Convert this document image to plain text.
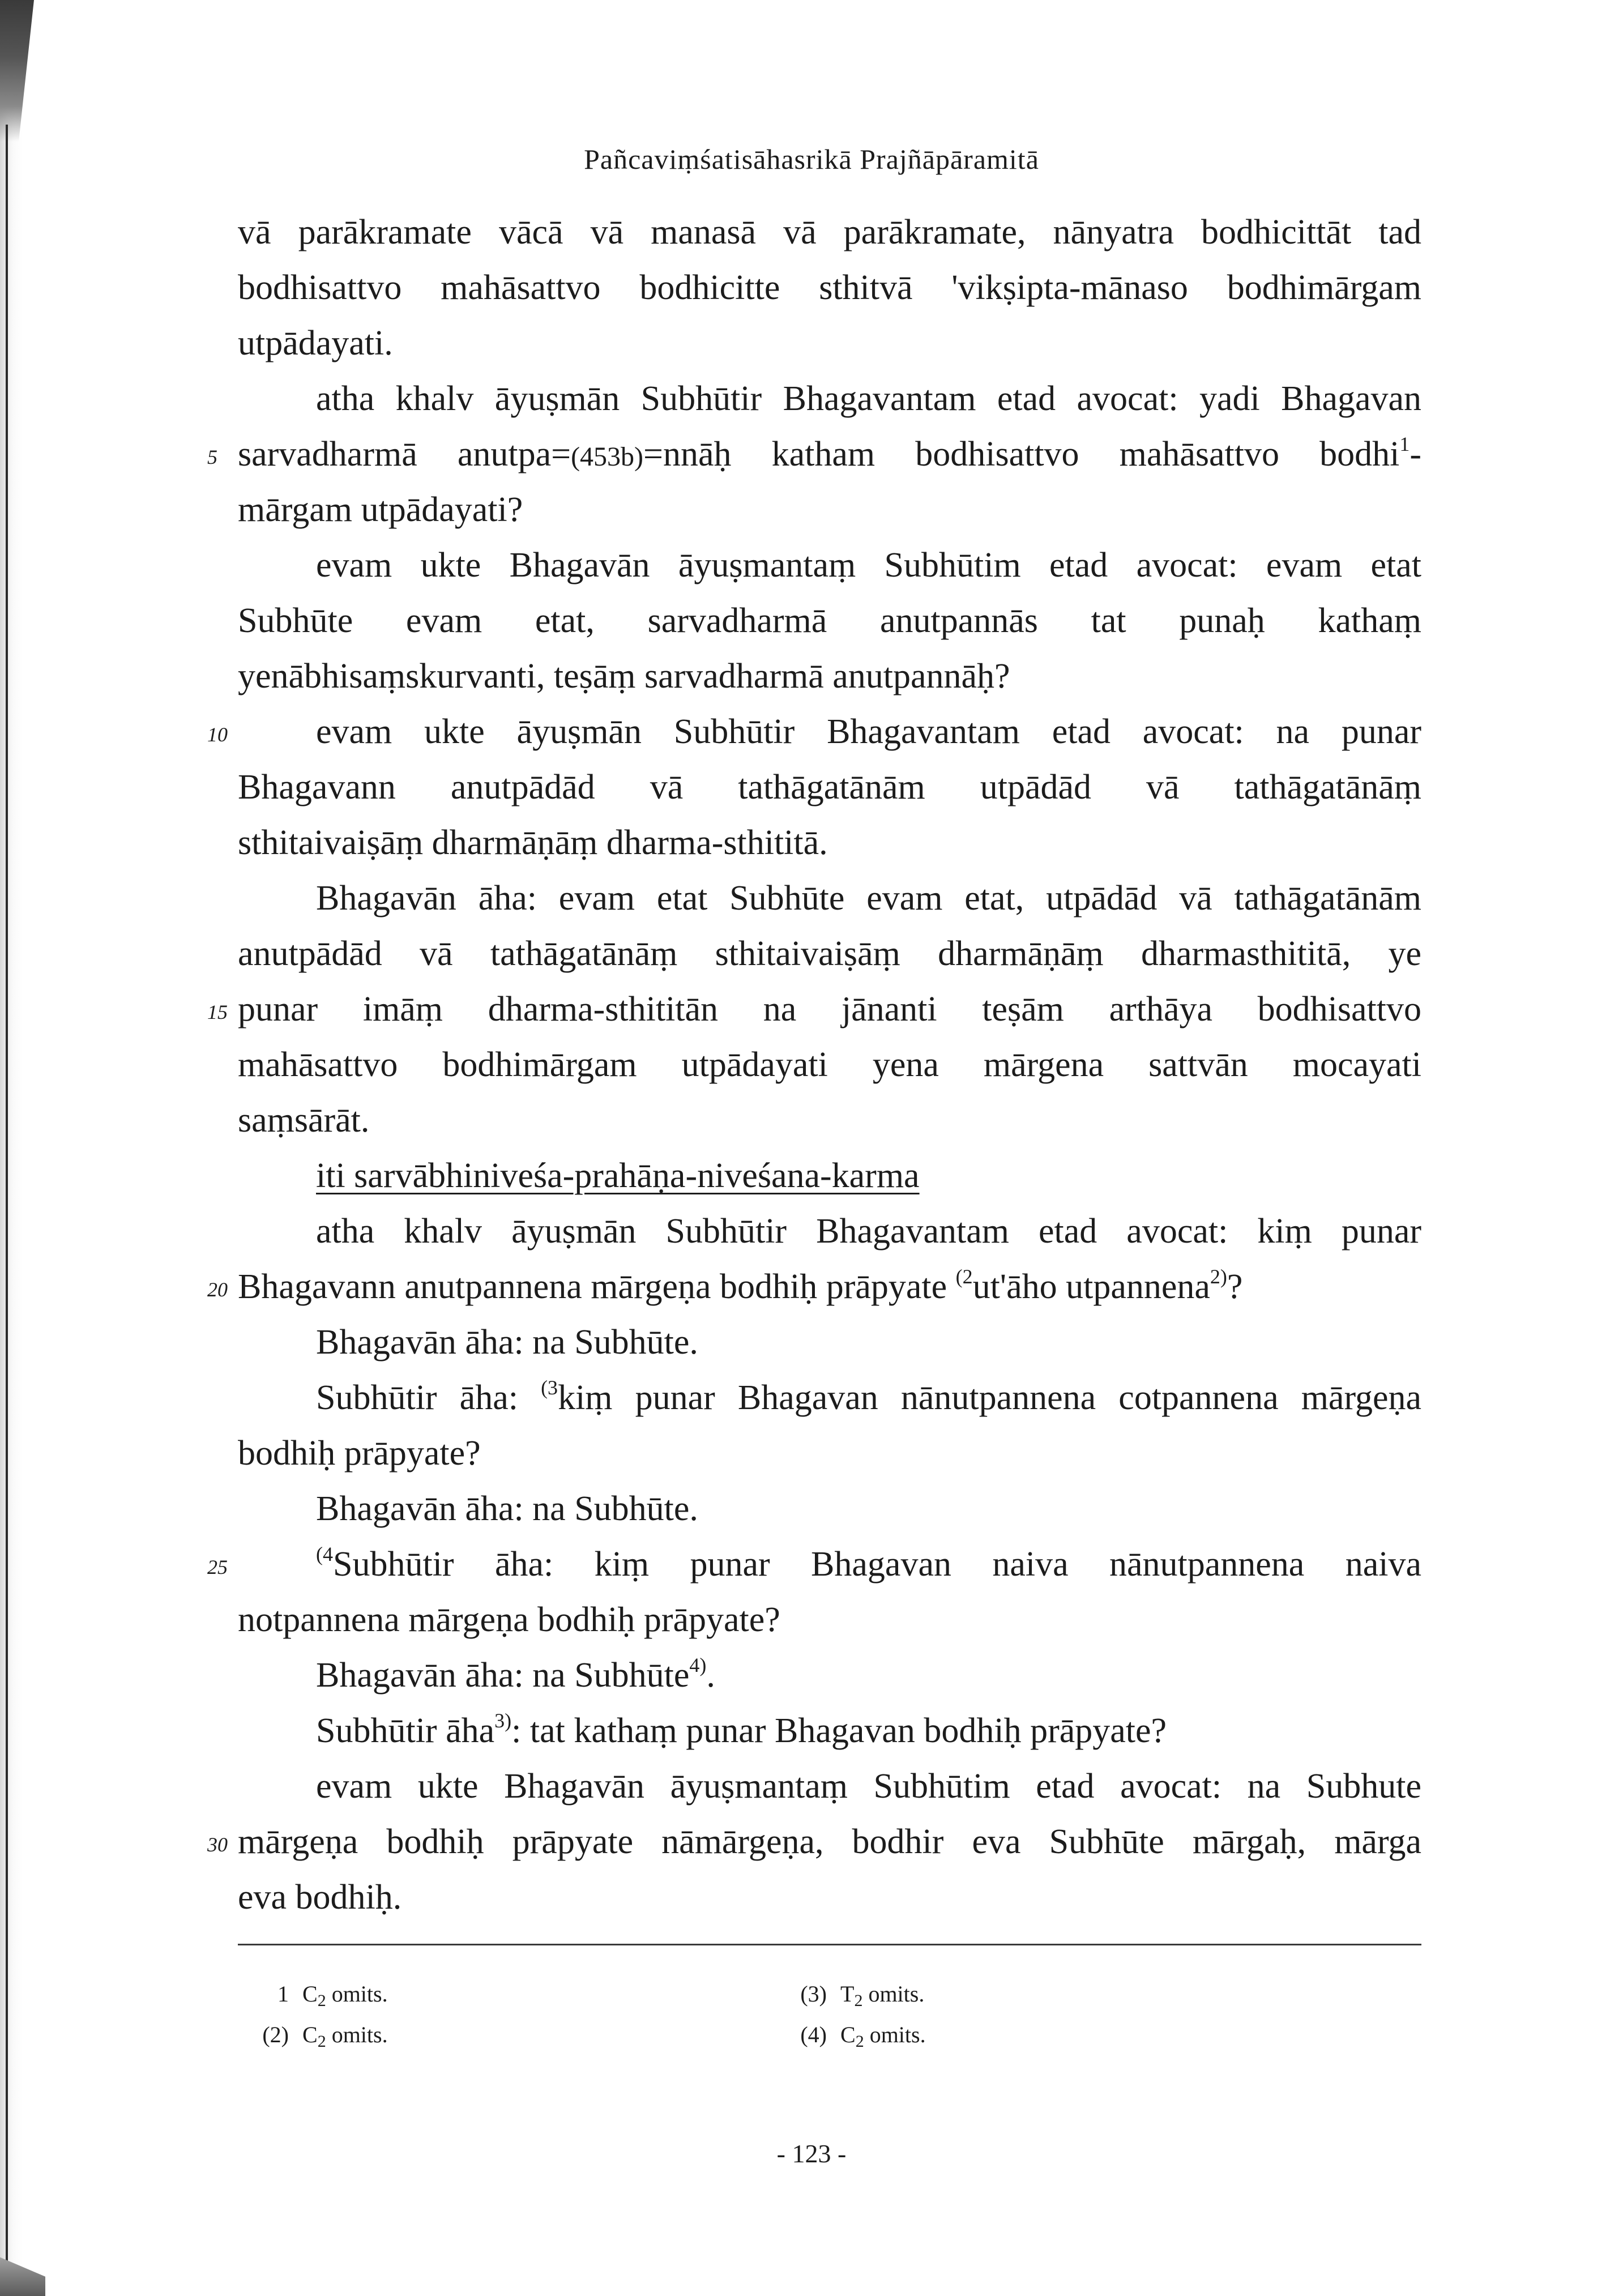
Pañcaviṃśatisāhasrikā Prajñāpāramitā
vā parākramate vācā vā manasā vā parākramate, nānyatra bodhicittāt tad
bodhisattvo mahāsattvo bodhicitte sthitvā 'vikṣipta-mānaso bodhimārgam
utpādayati.
atha khalv āyuṣmān Subhūtir Bhagavantam etad avocat: yadi Bhagavan
5 sarvadharmā anutpa=(453b)=nnāḥ katham bodhisattvo mahāsattvo bodhi$^1$-
mārgam utpādayati?
evam ukte Bhagavān āyuṣmantaṃ Subhūtim etad avocat: evam etat
Subhūte evam etat, sarvadharmā anutpannās tat punaḥ kathaṃ
yenābhisaṃskurvanti, teṣāṃ sarvadharmā anutpannāḥ?
10	evam ukte āyuṣmān Subhūtir Bhagavantam etad avocat: na punar
Bhagavann anutpādād vā tathāgatānām utpādād vā tathāgatānāṃ
sthitaivaiṣāṃ dharmāṇāṃ dharma-sthititā.
Bhagavān āha: evam etat Subhūte evam etat, utpādād vā tathāgatānām
anutpādād vā tathāgatānāṃ sthitaivaiṣāṃ dharmāṇāṃ dharmasthititā, ye
15 punar imāṃ dharma-sthititān na jānanti teṣām arthāya bodhisattvo
mahāsattvo bodhimārgam utpādayati yena mārgena sattvān mocayati
saṃsārāt.
iti sarvābhiniveśa-prahāṇa-niveśana-karma
atha khalv āyuṣmān Subhūtir Bhagavantam etad avocat: kiṃ punar
20 Bhagavann anutpannena mārgeṇa bodhiḥ prāpyate $^{(2}$ut'āho utpannena$^{2)}$?
Bhagavān āha: na Subhūte.
Subhūtir āha: $^{(3}$kiṃ punar Bhagavan nānutpannena cotpannena mārgeṇa
bodhiḥ prāpyate?
Bhagavān āha: na Subhūte.
25
$^{(4}$Subhūtir āha: kiṃ punar Bhagavan naiva nānutpannena naiva
notpannena mārgeṇa bodhiḥ prāpyate?
Bhagavān āha: na Subhūte$^{4)}$.
Subhūtir āha$^{3)}$: tat kathaṃ punar Bhagavan bodhiḥ prāpyate?
evam ukte Bhagavān āyuṣmantaṃ Subhūtim etad avocat: na Subhute
30 mārgeṇa bodhiḥ prāpyate nāmārgeṇa, bodhir eva Subhūte mārgaḥ, mārga
eva bodhiḥ.
1 $C_2$ omits.
(2) $C_2$ omits.
(3) $T_2$ omits.
(4) $C_2$ omits.
- 123 -
